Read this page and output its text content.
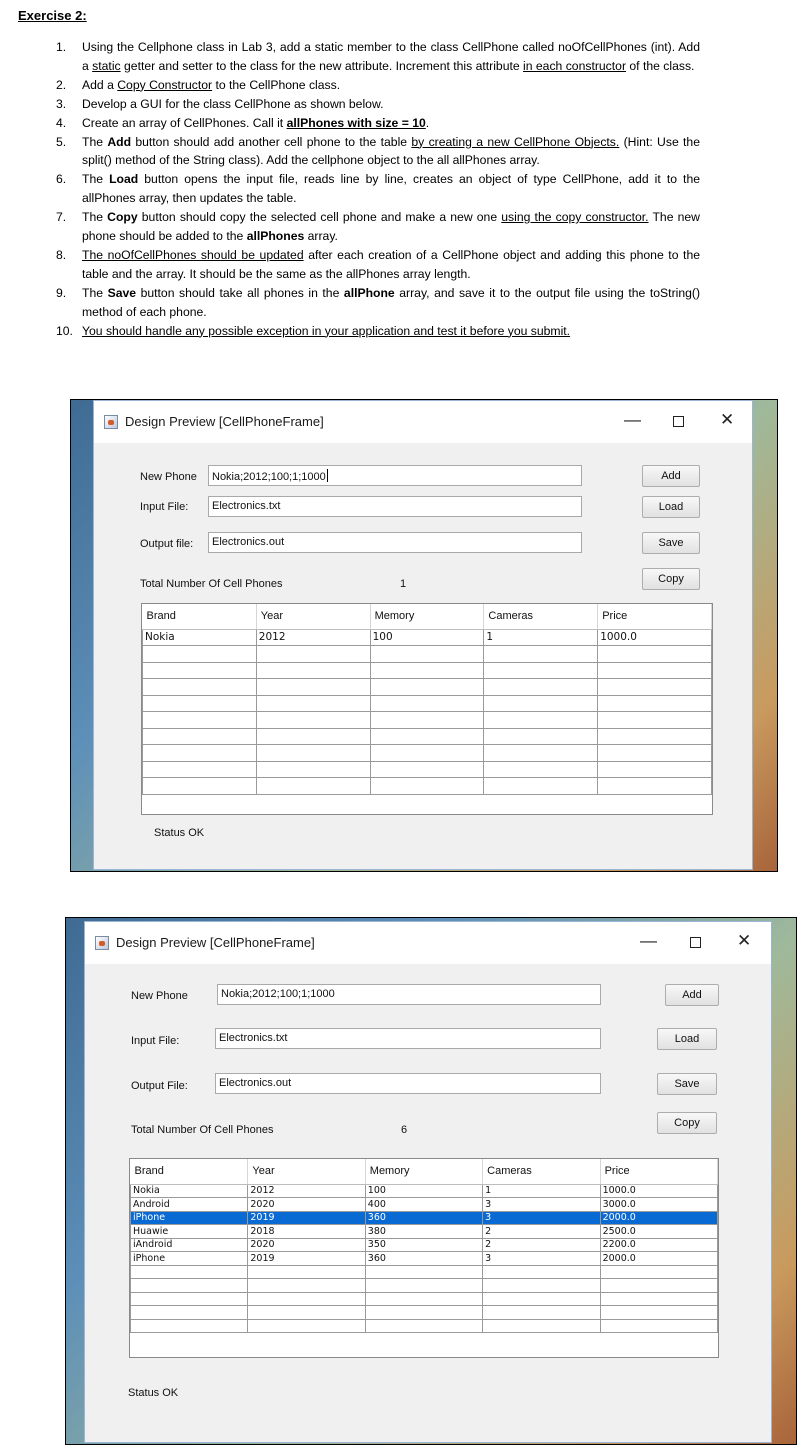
Exercise 2:
1.	Using the Cellphone class in Lab 3, add a static member to the class CellPhone called noOfCellPhones (int). Add a static getter and setter to the class for the new attribute. Increment this attribute in each constructor of the class.
2.	Add a Copy Constructor to the CellPhone class.
3.	Develop a GUI for the class CellPhone as shown below.
4.	Create an array of CellPhones. Call it allPhones with size = 10.
5.	The Add button should add another cell phone to the table by creating a new CellPhone Objects. (Hint: Use the split() method of the String class). Add the cellphone object to the all allPhones array.
6.	The Load button opens the input file, reads line by line, creates an object of type CellPhone, add it to the allPhones array, then updates the table.
7.	The Copy button should copy the selected cell phone and make a new one using the copy constructor. The new phone should be added to the allPhones array.
8.	The noOfCellPhones should be updated after each creation of a CellPhone object and adding this phone to the table and the array. It should be the same as the allPhones array length.
9.	The Save button should take all phones in the allPhone array, and save it to the output file using the toString() method of each phone.
10. You should handle any possible exception in your application and test it before you submit.
Design Preview [CellPhoneFrame]	—	✕
New Phone	Nokia;2012;100;1;1000	Add
Input File:	Electronics.txt	Load
Output file:	Electronics.out	Save
Total Number Of Cell Phones	1	Copy
Brand	Year	Memory	Cameras	Price
Nokia	2012	100	1	1000.0

Status OK
Design Preview [CellPhoneFrame]	—	✕
New Phone	Nokia;2012;100;1;1000	Add
Input File:	Electronics.txt	Load
Output File:	Electronics.out	Save
Total Number Of Cell Phones	6
Copy
Brand	Year	Memory	Cameras	Price
Nokia	2012	100	1	1000.0
Android	2020	400	3	3000.0
iPhone	2019	360	3	2000.0
Huawie	2018	380	2	2500.0
iAndroid	2020	350	2	2200.0
iPhone	2019	360	3	2000.0

Status OK
